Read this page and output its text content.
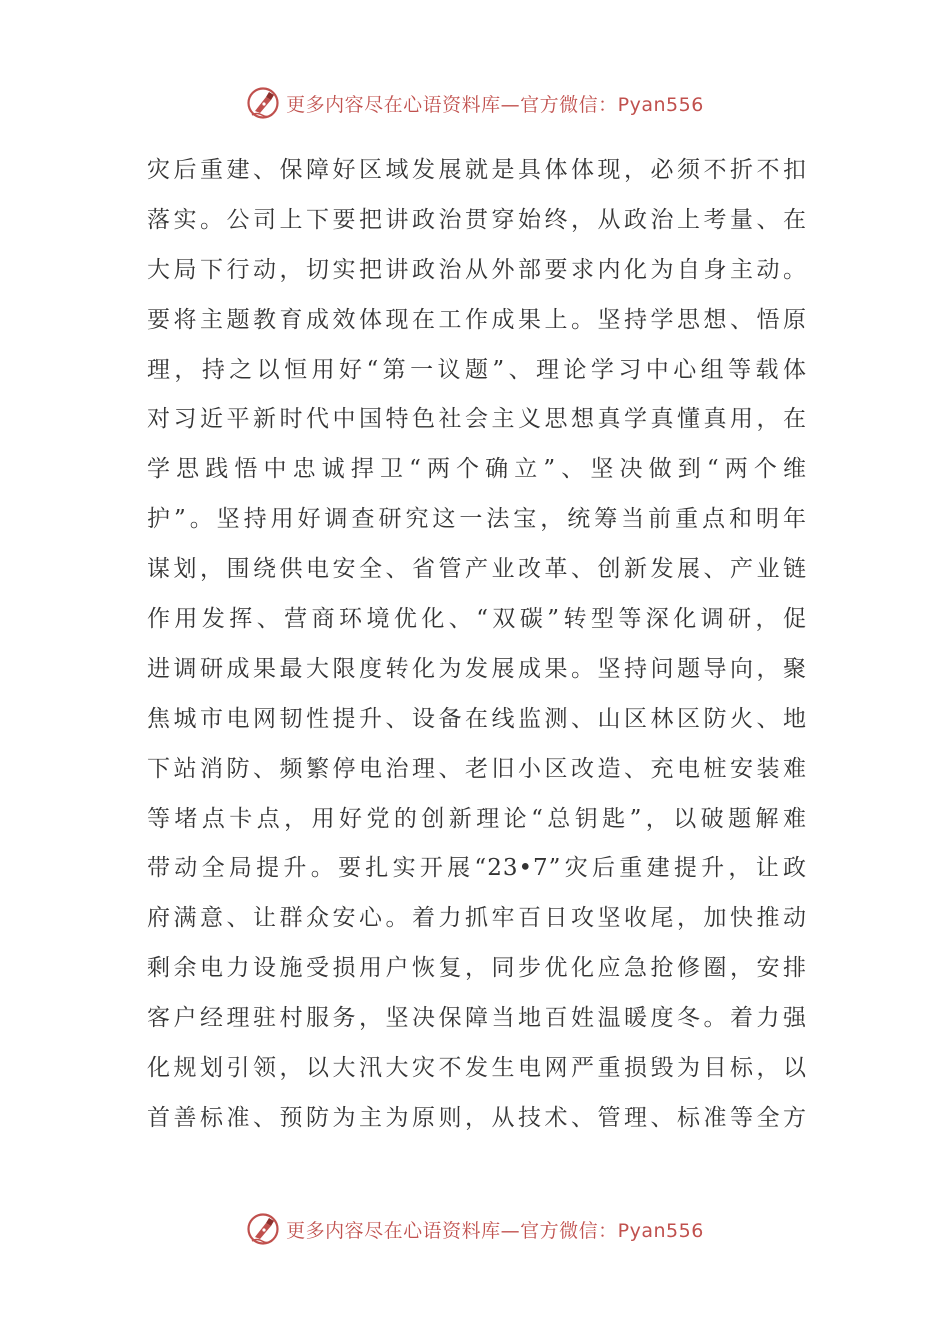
更多内容尽在心语资料库—官方微信：Pyan556
灾后重建、保障好区域发展就是具体体现，必须不折不扣
落实。公司上下要把讲政治贯穿始终，从政治上考量、在
大局下行动，切实把讲政治从外部要求内化为自身主动。
要将主题教育成效体现在工作成果上。坚持学思想、悟原
理，持之以恒用好“第一议题”、理论学习中心组等载体
对习近平新时代中国特色社会主义思想真学真懂真用，在
学思践悟中忠诚捍卫“两个确立”、坚决做到“两个维
护”。坚持用好调查研究这一法宝，统筹当前重点和明年
谋划，围绕供电安全、省管产业改革、创新发展、产业链
作用发挥、营商环境优化、“双碳”转型等深化调研，促
进调研成果最大限度转化为发展成果。坚持问题导向，聚
焦城市电网韧性提升、设备在线监测、山区林区防火、地
下站消防、频繁停电治理、老旧小区改造、充电桩安装难
等堵点卡点，用好党的创新理论“总钥匙”，以破题解难
带动全局提升。要扎实开展“23•7”灾后重建提升，让政
府满意、让群众安心。着力抓牢百日攻坚收尾，加快推动
剩余电力设施受损用户恢复，同步优化应急抢修圈，安排
客户经理驻村服务，坚决保障当地百姓温暖度冬。着力强
化规划引领，以大汛大灾不发生电网严重损毁为目标，以
首善标准、预防为主为原则，从技术、管理、标准等全方
更多内容尽在心语资料库—官方微信：Pyan556
